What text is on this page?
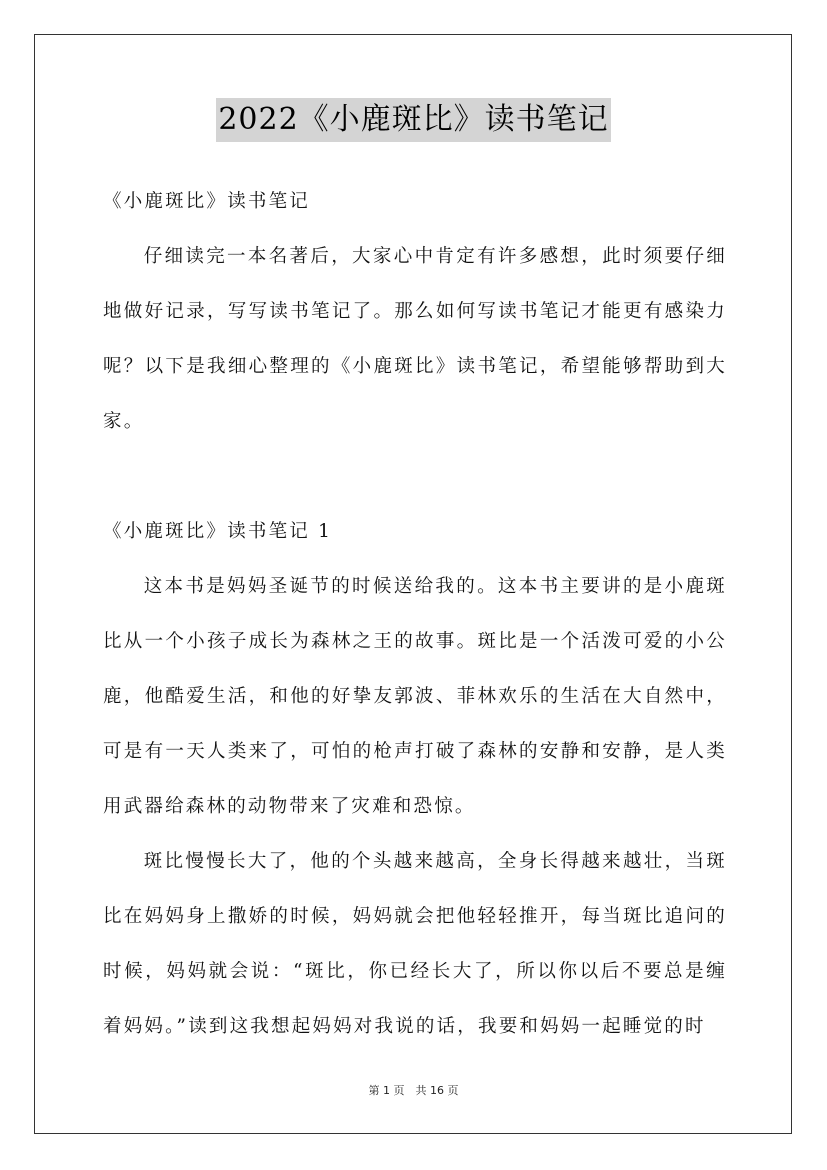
2022《小鹿斑比》读书笔记

《小鹿斑比》读书笔记

仔细读完一本名著后，大家心中肯定有许多感想，此时须要仔细地做好记录，写写读书笔记了。那么如何写读书笔记才能更有感染力呢？以下是我细心整理的《小鹿斑比》读书笔记，希望能够帮助到大家。

《小鹿斑比》读书笔记 1

这本书是妈妈圣诞节的时候送给我的。这本书主要讲的是小鹿斑比从一个小孩子成长为森林之王的故事。斑比是一个活泼可爱的小公鹿，他酷爱生活，和他的好挚友郭波、菲林欢乐的生活在大自然中，可是有一天人类来了，可怕的枪声打破了森林的安静和安静，是人类用武器给森林的动物带来了灾难和恐惊。

斑比慢慢长大了，他的个头越来越高，全身长得越来越壮，当斑比在妈妈身上撒娇的时候，妈妈就会把他轻轻推开，每当斑比追问的时候，妈妈就会说：“斑比，你已经长大了，所以你以后不要总是缠着妈妈。”读到这我想起妈妈对我说的话，我要和妈妈一起睡觉的时

第 1 页　共 16 页
